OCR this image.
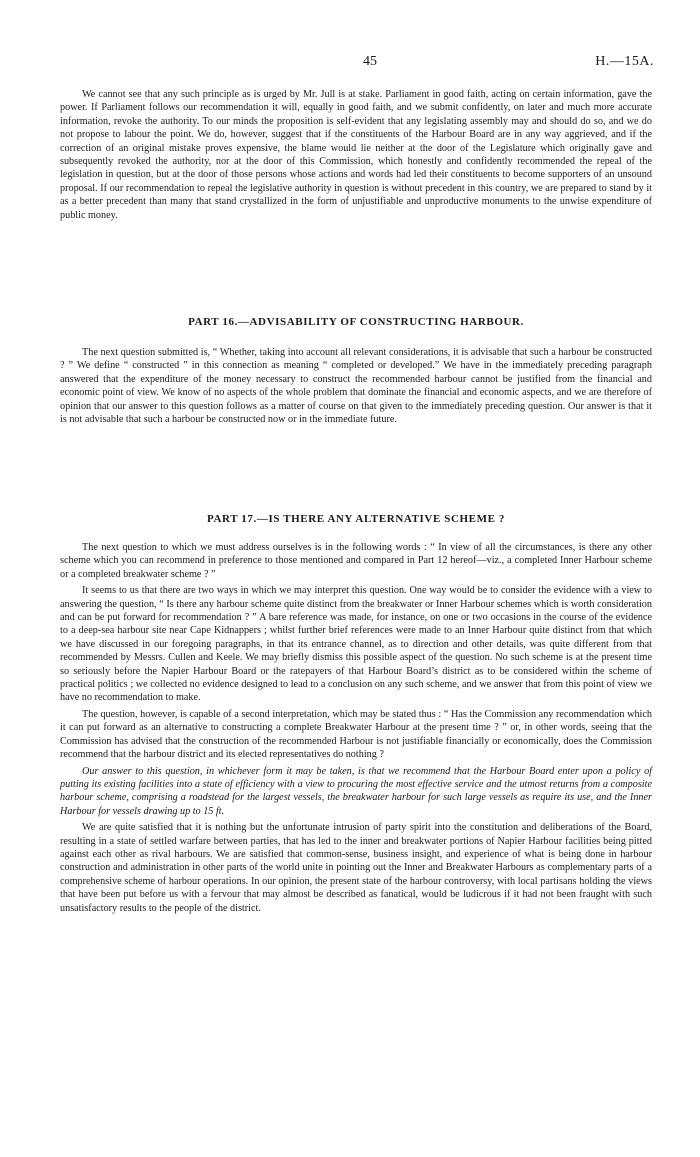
45	H.—15A.

We cannot see that any such principle as is urged by Mr. Jull is at stake. Parliament in good faith, acting on certain information, gave the power. If Parliament follows our recommendation it will, equally in good faith, and we submit confidently, on later and much more accurate information, revoke the authority. To our minds the proposition is self-evident that any legislating assembly may and should do so, and we do not propose to labour the point. We do, however, suggest that if the constituents of the Harbour Board are in any way aggrieved, and if the correction of an original mistake proves expensive, the blame would lie neither at the door of the Legislature which originally gave and subsequently revoked the authority, nor at the door of this Commission, which honestly and confidently recommended the repeal of the legislation in question, but at the door of those persons whose actions and words had led their constituents to become supporters of an unsound proposal. If our recommendation to repeal the legislative authority in question is without precedent in this country, we are prepared to stand by it as a better precedent than many that stand crystallized in the form of unjustifiable and unproductive monuments to the unwise expenditure of public money.

PART 16.—ADVISABILITY OF CONSTRUCTING HARBOUR.

The next question submitted is, “ Whether, taking into account all relevant considerations, it is advisable that such a harbour be constructed ? ” We define “ constructed ” in this connection as meaning “ completed or developed.” We have in the immediately preceding paragraph answered that the expenditure of the money necessary to construct the recommended harbour cannot be justified from the financial and economic point of view. We know of no aspects of the whole problem that dominate the financial and economic aspects, and we are therefore of opinion that our answer to this question follows as a matter of course on that given to the immediately preceding question. Our answer is that it is not advisable that such a harbour be constructed now or in the immediate future.

PART 17.—IS THERE ANY ALTERNATIVE SCHEME ?

The next question to which we must address ourselves is in the following words : “ In view of all the circumstances, is there any other scheme which you can recommend in preference to those mentioned and compared in Part 12 hereof—viz., a completed Inner Harbour scheme or a completed breakwater scheme ? ”

It seems to us that there are two ways in which we may interpret this question. One way would be to consider the evidence with a view to answering the question, “ Is there any harbour scheme quite distinct from the breakwater or Inner Harbour schemes which is worth consideration and can be put forward for recommendation ? ” A bare reference was made, for instance, on one or two occasions in the course of the evidence to a deep-sea harbour site near Cape Kidnappers ; whilst further brief references were made to an Inner Harbour quite distinct from that which we have discussed in our foregoing paragraphs, in that its entrance channel, as to direction and other details, was quite different from that recommended by Messrs. Cullen and Keele. We may briefly dismiss this possible aspect of the question. No such scheme is at the present time so seriously before the Napier Harbour Board or the ratepayers of that Harbour Board’s district as to be considered within the scheme of practical politics ; we collected no evidence designed to lead to a conclusion on any such scheme, and we answer that from this point of view we have no recommendation to make.

The question, however, is capable of a second interpretation, which may be stated thus : “ Has the Commission any recommendation which it can put forward as an alternative to constructing a complete Breakwater Harbour at the present time ? ” or, in other words, seeing that the Commission has advised that the construction of the recommended Harbour is not justifiable financially or economically, does the Commission recommend that the harbour district and its elected representatives do nothing ?

Our answer to this question, in whichever form it may be taken, is that we recommend that the Harbour Board enter upon a policy of putting its existing facilities into a state of efficiency with a view to procuring the most effective service and the utmost returns from a composite harbour scheme, comprising a roadstead for the largest vessels, the breakwater harbour for such large vessels as require its use, and the Inner Harbour for vessels drawing up to 15 ft.

We are quite satisfied that it is nothing but the unfortunate intrusion of party spirit into the constitution and deliberations of the Board, resulting in a state of settled warfare between parties, that has led to the inner and breakwater portions of Napier Harbour facilities being pitted against each other as rival harbours. We are satisfied that common-sense, business insight, and experience of what is being done in harbour construction and administration in other parts of the world unite in pointing out the Inner and Breakwater Harbours as complementary parts of a comprehensive scheme of harbour operations. In our opinion, the present state of the harbour controversy, with local partisans holding the views that have been put before us with a fervour that may almost be described as fanatical, would be ludicrous if it had not been fraught with such unsatisfactory results to the people of the district.
